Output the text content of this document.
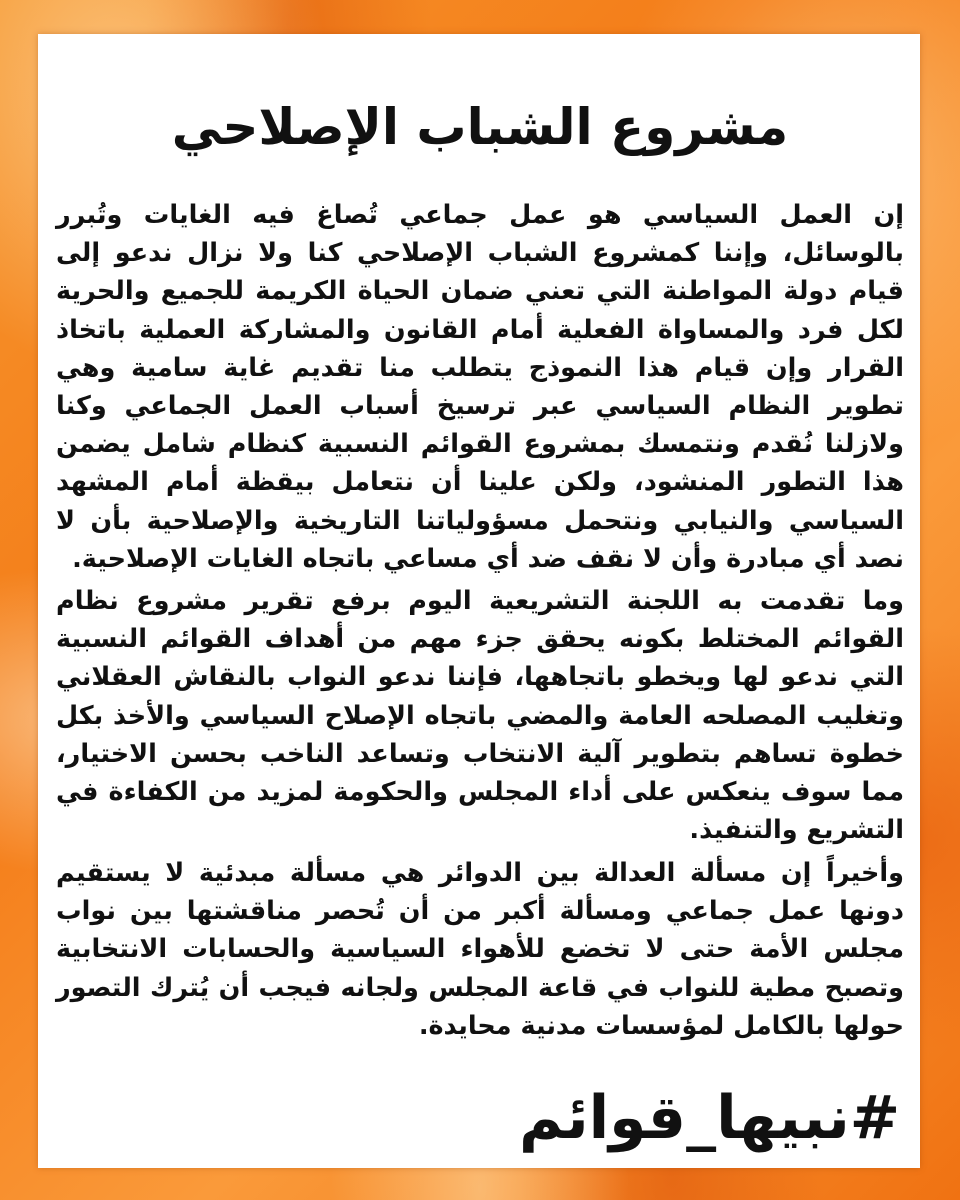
مشروع الشباب الإصلاحي

إن العمل السياسي هو عمل جماعي تُصاغ فيه الغايات وتُبرر بالوسائل، وإننا كمشروع الشباب الإصلاحي كنا ولا نزال ندعو إلى قيام دولة المواطنة التي تعني ضمان الحياة الكريمة للجميع والحرية لكل فرد والمساواة الفعلية أمام القانون والمشاركة العملية باتخاذ القرار وإن قيام هذا النموذج يتطلب منا تقديم غاية سامية وهي تطوير النظام السياسي عبر ترسيخ أسباب العمل الجماعي وكنا ولازلنا نُقدم ونتمسك بمشروع القوائم النسبية كنظام شامل يضمن هذا التطور المنشود، ولكن علينا أن نتعامل بيقظة أمام المشهد السياسي والنيابي ونتحمل مسؤولياتنا التاريخية والإصلاحية بأن لا نصد أي مبادرة وأن لا نقف ضد أي مساعي باتجاه الغايات الإصلاحية.

وما تقدمت به اللجنة التشريعية اليوم برفع تقرير مشروع نظام القوائم المختلط بكونه يحقق جزء مهم من أهداف القوائم النسبية التي ندعو لها ويخطو باتجاهها، فإننا ندعو النواب بالنقاش العقلاني وتغليب المصلحه العامة والمضي باتجاه الإصلاح السياسي والأخذ بكل خطوة تساهم بتطوير آلية الانتخاب وتساعد الناخب بحسن الاختيار، مما سوف ينعكس على أداء المجلس والحكومة لمزيد من الكفاءة في التشريع والتنفيذ.

وأخيراً إن مسألة العدالة بين الدوائر هي مسألة مبدئية لا يستقيم دونها عمل جماعي ومسألة أكبر من أن تُحصر مناقشتها بين نواب مجلس الأمة حتى لا تخضع للأهواء السياسية والحسابات الانتخابية وتصبح مطية للنواب في قاعة المجلس ولجانه فيجب أن يُترك التصور حولها بالكامل لمؤسسات مدنية محايدة.

#نبيها_قوائم
